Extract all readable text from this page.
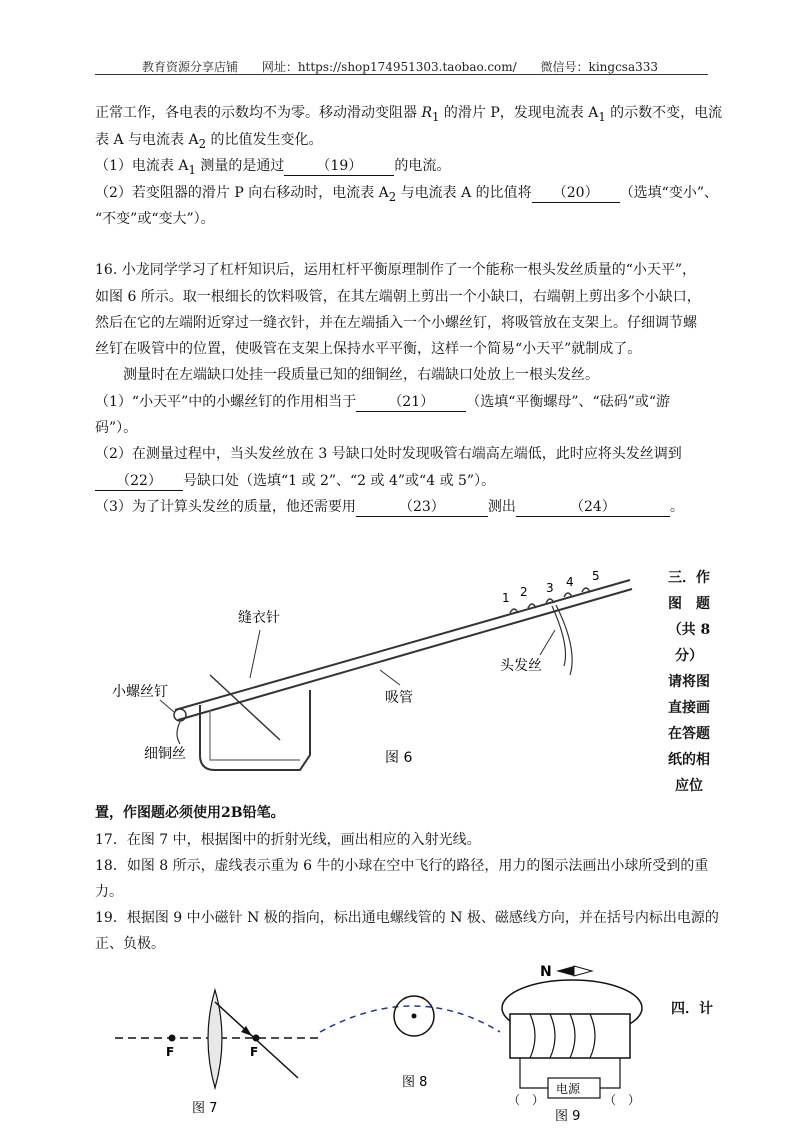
教育资源分享店铺 网址：https://shop174951303.taobao.com/ 微信号：kingcsa333
正常工作，各电表的示数均不为零。移动滑动变阻器 $R_1$ 的滑片 P，发现电流表 $A_1$ 的示数不变，电流
表 A 与电流表 $A_2$ 的比值发生变化。
（1）电流表 $A_1$ 测量的是通过 （19） 的电流。
（2）若变阻器的滑片 P 向右移动时，电流表 $A_2$ 与电流表 A 的比值将 （20） （选填“变小”、
“不变”或“变大”）。
16. 小龙同学学习了杠杆知识后，运用杠杆平衡原理制作了一个能称一根头发丝质量的“小天平”，
如图 6 所示。取一根细长的饮料吸管，在其左端朝上剪出一个小缺口，右端朝上剪出多个小缺口，
然后在它的左端附近穿过一缝衣针，并在左端插入一个小螺丝钉，将吸管放在支架上。仔细调节螺
丝钉在吸管中的位置，使吸管在支架上保持水平平衡，这样一个简易“小天平”就制成了。
测量时在左端缺口处挂一段质量已知的细铜丝，右端缺口处放上一根头发丝。
（1）“小天平”中的小螺丝钉的作用相当于 （21） （选填“平衡螺母”、“砝码”或“游
码”）。
（2）在测量过程中，当头发丝放在 3 号缺口处时发现吸管右端高左端低，此时应将头发丝调到
（22） 号缺口处（选填“1 或 2”、“2 或 4”或“4 或 5”）。
（3）为了计算头发丝的质量，他还需要用	（23）	测出	（24）	。
1 2 3 4 5
头发丝
缝衣针
小螺丝钉
细铜丝
吸管
图 6
三．作
图　题
（共 8
分）
请将图
直接画
在答题
纸的相
应位
置，作图题必须使用2B铅笔。
17．在图 7 中，根据图中的折射光线，画出相应的入射光线。
18．如图 8 所示，虚线表示重为 6 牛的小球在空中飞行的路径，用力的图示法画出小球所受到的重
力。
19．根据图 9 中小磁针 N 极的指向，标出通电螺线管的 N 极、磁感线方向，并在括号内标出电源的
正、负极。
F	F
图 7
图 8
N
电源
（　）	（　）
图 9
四．计
